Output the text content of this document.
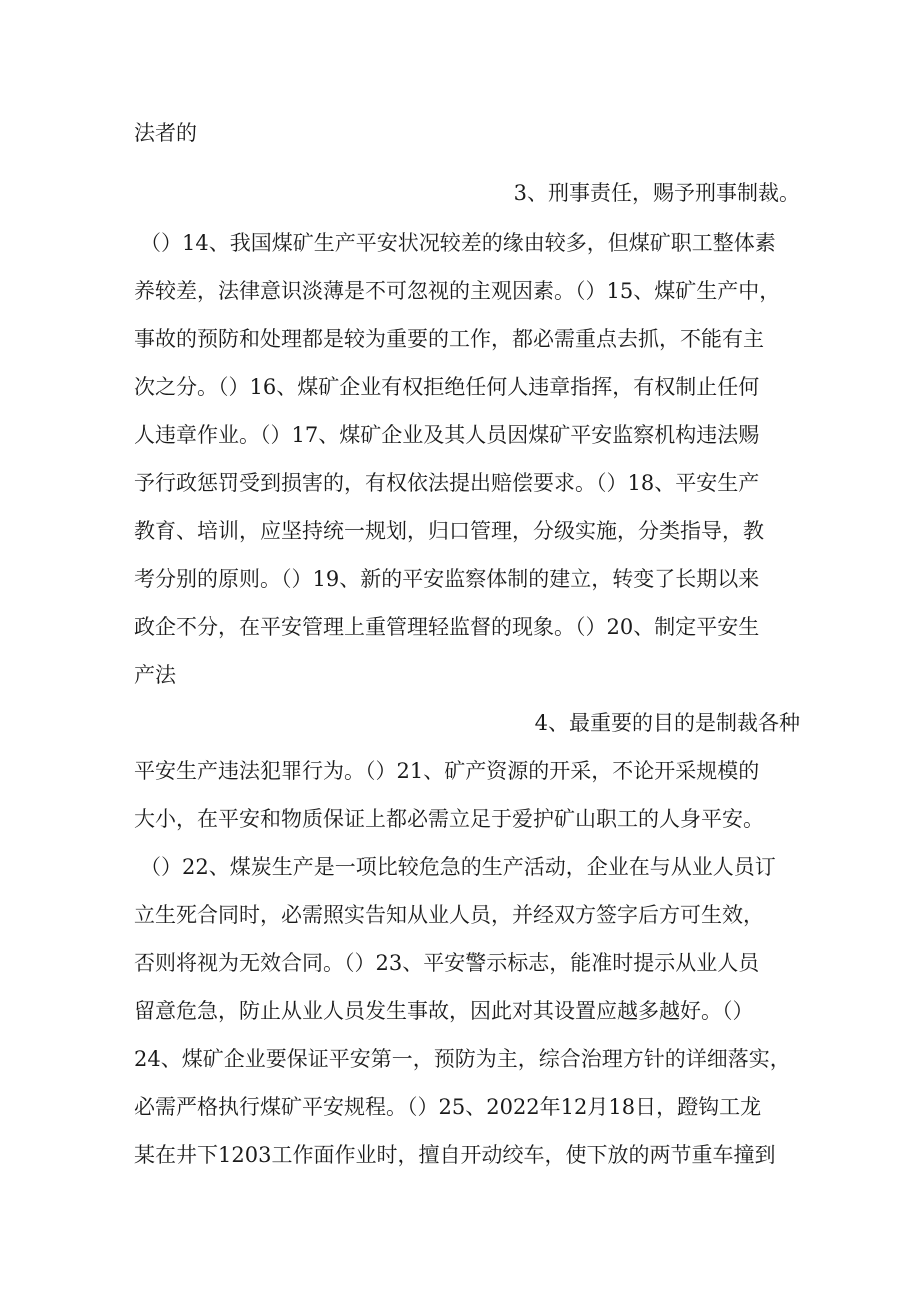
法者的
3、刑事责任，赐予刑事制裁。
（）14、我国煤矿生产平安状况较差的缘由较多，但煤矿职工整体素
养较差，法律意识淡薄是不可忽视的主观因素。（）15、煤矿生产中，
事故的预防和处理都是较为重要的工作，都必需重点去抓，不能有主
次之分。（）16、煤矿企业有权拒绝任何人违章指挥，有权制止任何
人违章作业。（）17、煤矿企业及其人员因煤矿平安监察机构违法赐
予行政惩罚受到损害的，有权依法提出赔偿要求。（）18、平安生产
教育、培训，应坚持统一规划，归口管理，分级实施，分类指导，教
考分别的原则。（）19、新的平安监察体制的建立，转变了长期以来
政企不分，在平安管理上重管理轻监督的现象。（）20、制定平安生
产法
4、最重要的目的是制裁各种
平安生产违法犯罪行为。（）21、矿产资源的开采，不论开采规模的
大小，在平安和物质保证上都必需立足于爱护矿山职工的人身平安。
（）22、煤炭生产是一项比较危急的生产活动，企业在与从业人员订
立生死合同时，必需照实告知从业人员，并经双方签字后方可生效，
否则将视为无效合同。（）23、平安警示标志，能准时提示从业人员
留意危急，防止从业人员发生事故，因此对其设置应越多越好。（）
24、煤矿企业要保证平安第一，预防为主，综合治理方针的详细落实，
必需严格执行煤矿平安规程。（）25、2022年12月18日，蹬钩工龙
某在井下1203工作面作业时，擅自开动绞车，使下放的两节重车撞到
